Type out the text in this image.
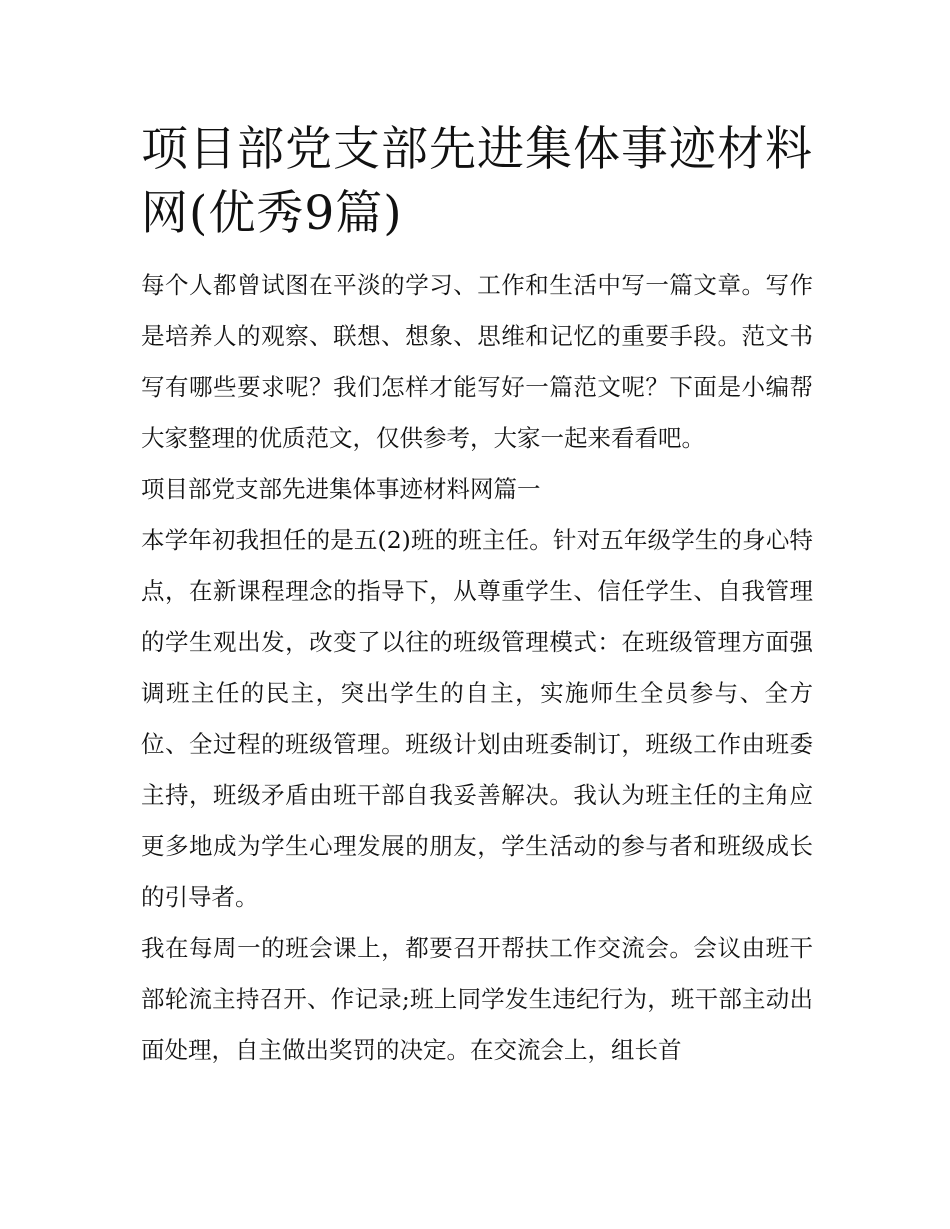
项目部党支部先进集体事迹材料网(优秀9篇)

每个人都曾试图在平淡的学习、工作和生活中写一篇文章。写作是培养人的观察、联想、想象、思维和记忆的重要手段。范文书写有哪些要求呢？我们怎样才能写好一篇范文呢？下面是小编帮大家整理的优质范文，仅供参考，大家一起来看看吧。

项目部党支部先进集体事迹材料网篇一

本学年初我担任的是五(2)班的班主任。针对五年级学生的身心特点，在新课程理念的指导下，从尊重学生、信任学生、自我管理的学生观出发，改变了以往的班级管理模式：在班级管理方面强调班主任的民主，突出学生的自主，实施师生全员参与、全方位、全过程的班级管理。班级计划由班委制订，班级工作由班委主持，班级矛盾由班干部自我妥善解决。我认为班主任的主角应更多地成为学生心理发展的朋友，学生活动的参与者和班级成长的引导者。

我在每周一的班会课上，都要召开帮扶工作交流会。会议由班干部轮流主持召开、作记录;班上同学发生违纪行为，班干部主动出面处理，自主做出奖罚的决定。在交流会上，组长首
